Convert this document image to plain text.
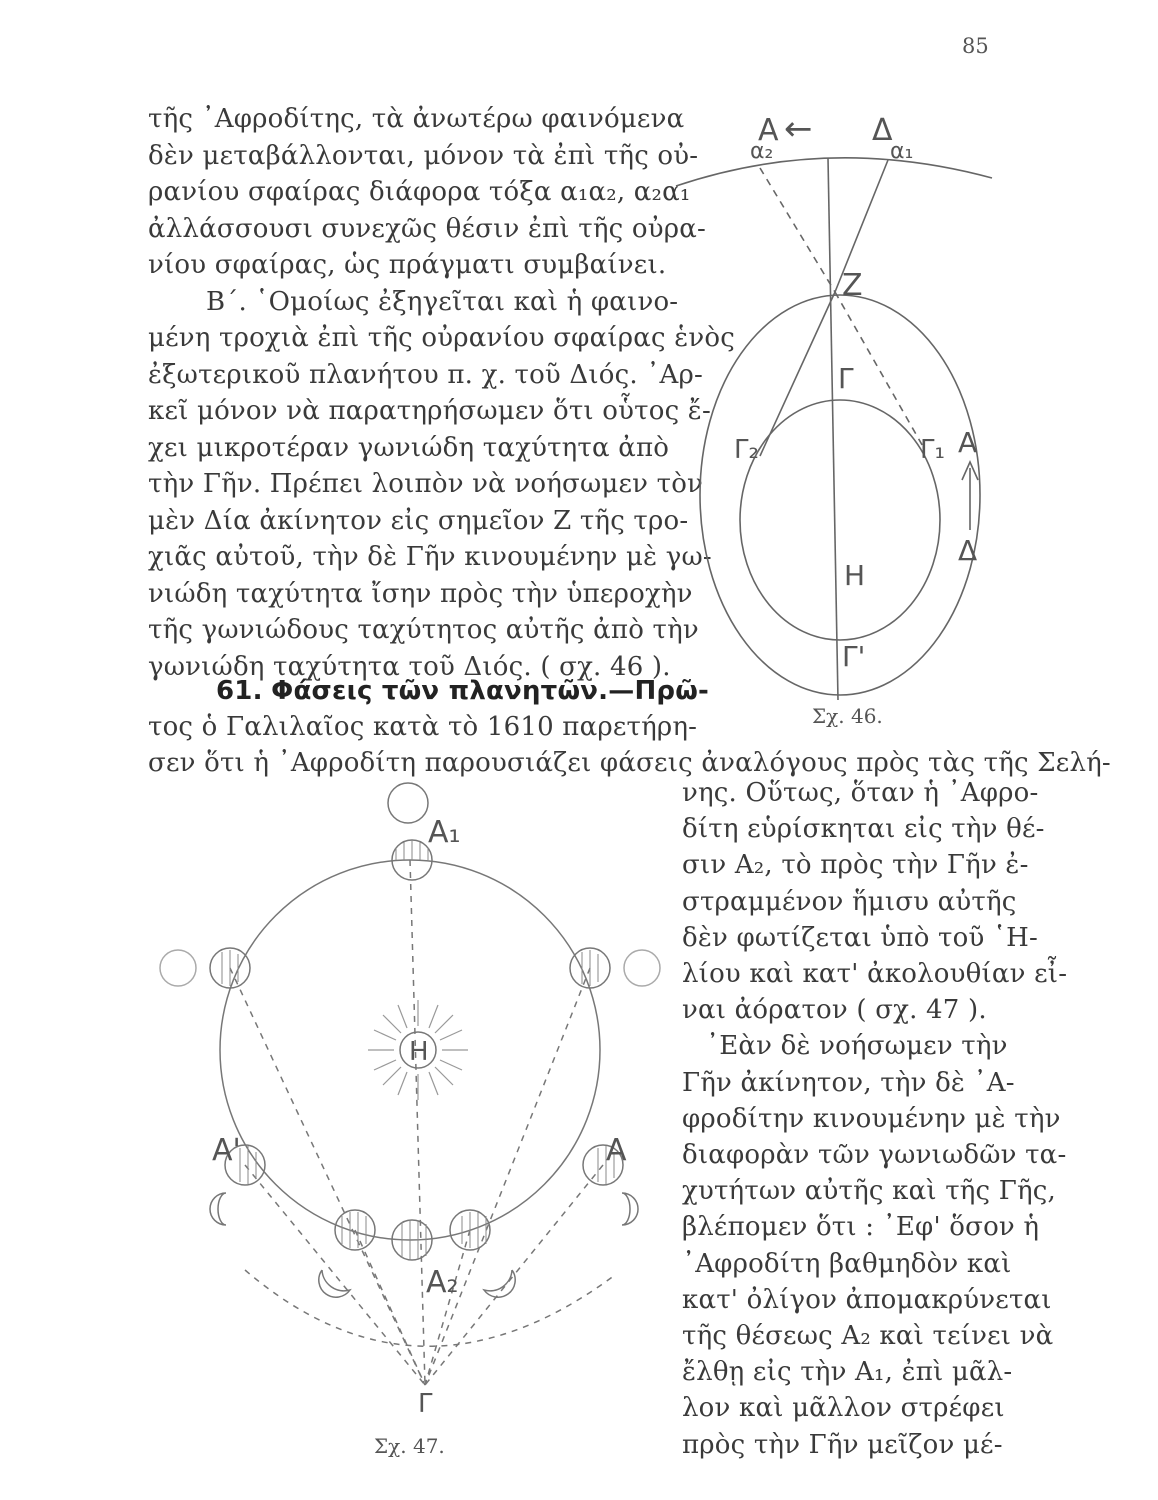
85
τῆς ᾿Αφροδίτης, τὰ ἀνωτέρω φαινόμενα
δὲν μεταβάλλονται, μόνον τὰ ἐπὶ τῆς οὐ-
ρανίου σφαίρας διάφορα τόξα α₁α₂, α₂α₁
ἀλλάσσουσι συνεχῶς θέσιν ἐπὶ τῆς οὐρα-
νίου σφαίρας, ὡς πράγματι συμβαίνει.
Β΄. ῾Ομοίως ἐξηγεῖται καὶ ἡ φαινο-
μένη τροχιὰ ἐπὶ τῆς οὐρανίου σφαίρας ἑνὸς
ἐξωτερικοῦ πλανήτου π. χ. τοῦ Διός. ᾿Αρ-
κεῖ μόνον νὰ παρατηρήσωμεν ὅτι οὗτος ἔ-
χει μικροτέραν γωνιώδη ταχύτητα ἀπὸ
τὴν Γῆν. Πρέπει λοιπὸν νὰ νοήσωμεν τὸν
μὲν Δία ἀκίνητον εἰς σημεῖον Ζ τῆς τρο-
χιᾶς αὐτοῦ, τὴν δὲ Γῆν κινουμένην μὲ γω-
νιώδη ταχύτητα ἴσην πρὸς τὴν ὑπεροχὴν
τῆς γωνιώδους ταχύτητος αὐτῆς ἀπὸ τὴν
γωνιώδη ταχύτητα τοῦ Διός. ( σχ. 46 ).
τος ὁ Γαλιλαῖος κατὰ τὸ 1610 παρετήρη-
σεν ὅτι ἡ ᾿Αφροδίτη παρουσιάζει φάσεις ἀναλόγους πρὸς τὰς τῆς Σελή-
νης. Οὕτως, ὅταν ἡ ᾿Αφρο-
δίτη εὑρίσκηται εἰς τὴν θέ-
σιν Α₂, τὸ πρὸς τὴν Γῆν ἐ-
στραμμένον ἥμισυ αὐτῆς
δὲν φωτίζεται ὑπὸ τοῦ ῾Η-
λίου καὶ κατ' ἀκολουθίαν εἶ-
ναι ἀόρατον ( σχ. 47 ).
᾿Εὰν δὲ νοήσωμεν τὴν
Γῆν ἀκίνητον, τὴν δὲ ᾿Α-
φροδίτην κινουμένην μὲ τὴν
διαφορὰν τῶν γωνιωδῶν τα-
χυτήτων αὐτῆς καὶ τῆς Γῆς,
βλέπομεν ὅτι : ᾿Εφ' ὅσον ἡ
᾿Αφροδίτη βαθμηδὸν καὶ
κατ' ὀλίγον ἀπομακρύνεται
τῆς θέσεως Α₂ καὶ τείνει νὰ
ἔλθῃ εἰς τὴν Α₁, ἐπὶ μᾶλ-
λον καὶ μᾶλλον στρέφει
πρὸς τὴν Γῆν μεῖζον μέ-
61. Φάσεις τῶν πλανητῶν.—Πρῶ-
Α ← Δ
α₂	α₁
Ζ
Γ
Γ₂	Γ₁ Α
Δ
Η
Γ'
Σχ. 46.
Α₁
Η
Α'	Α
Α₂
Γ
Σχ. 47.
